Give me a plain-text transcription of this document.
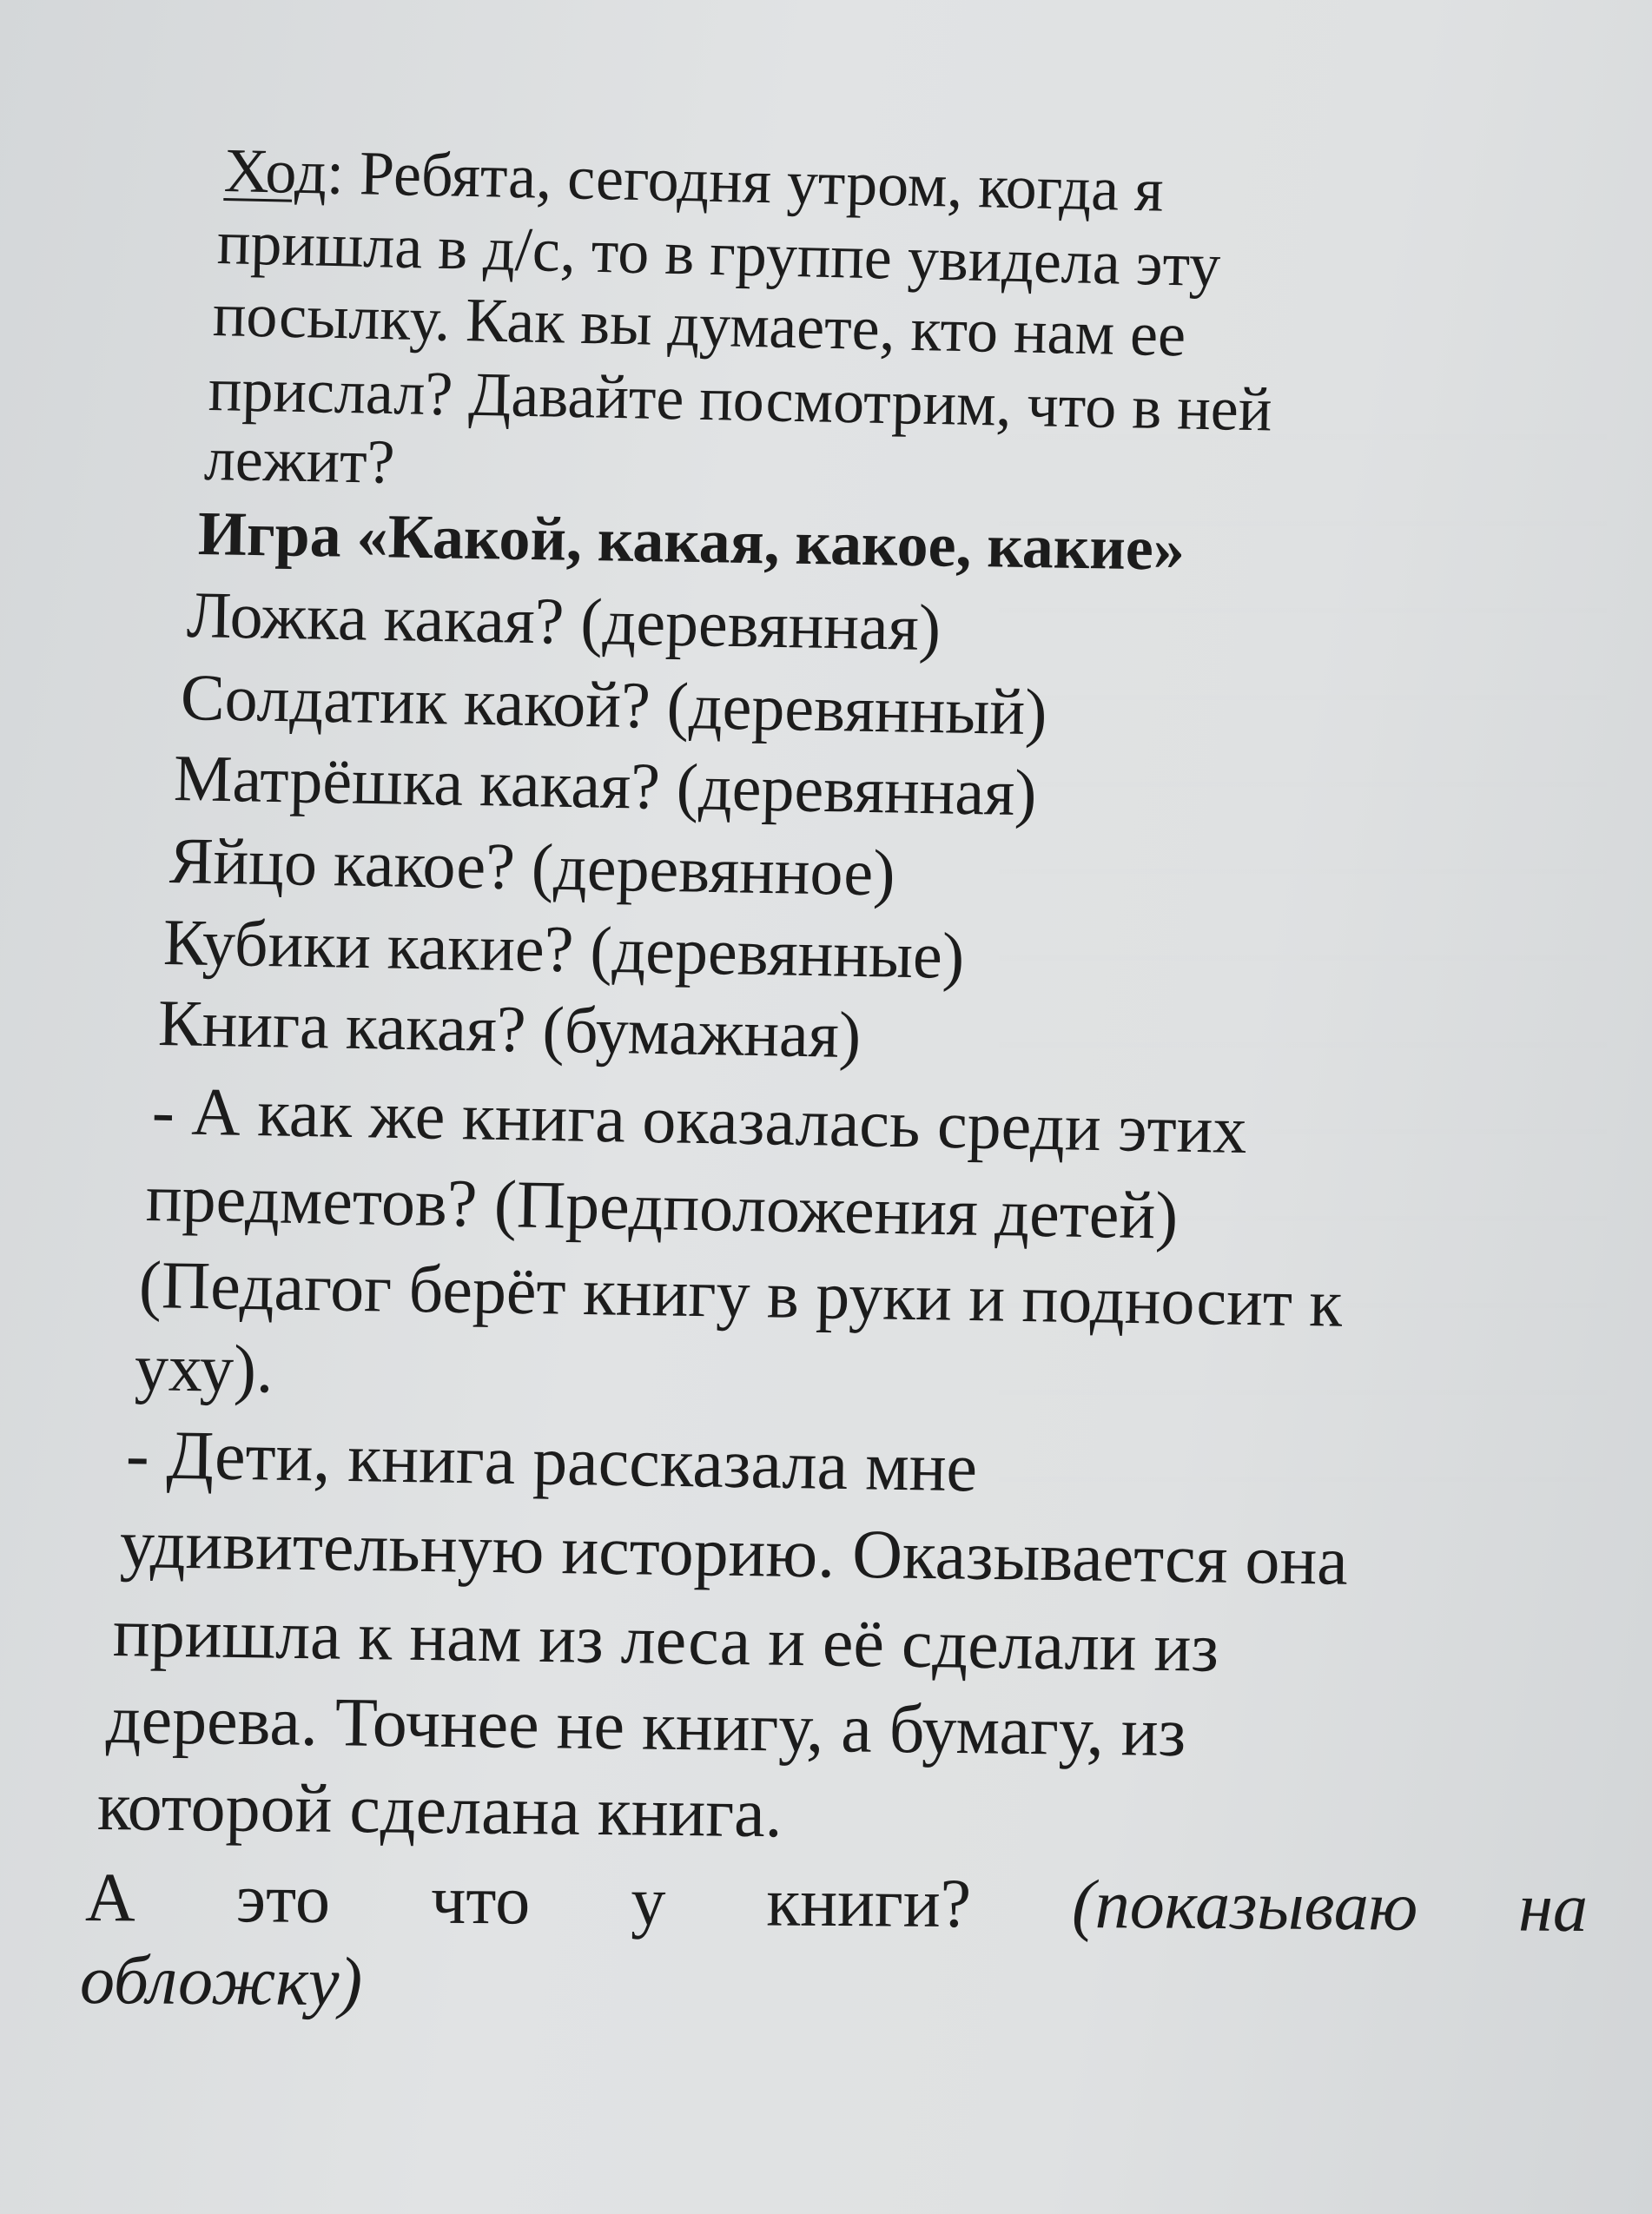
Ход: Ребята, сегодня утром, когда я
пришла в д/с, то в группе увидела эту
посылку. Как вы думаете, кто нам ее
прислал? Давайте посмотрим, что в ней
лежит?
Игра «Какой, какая, какое, какие»
Ложка какая? (деревянная)
Солдатик какой? (деревянный)
Матрёшка какая? (деревянная)
Яйцо какое? (деревянное)
Кубики какие? (деревянные)
Книга какая? (бумажная)
- А как же книга оказалась среди этих
предметов? (Предположения детей)
(Педагог берёт книгу в руки и подносит к
уху).
- Дети, книга рассказала мне
удивительную историю. Оказывается она
пришла к нам из леса и её сделали из
дерева. Точнее не книгу, а бумагу, из
которой сделана книга.
А это что у книги? (показываю на
обложку)
